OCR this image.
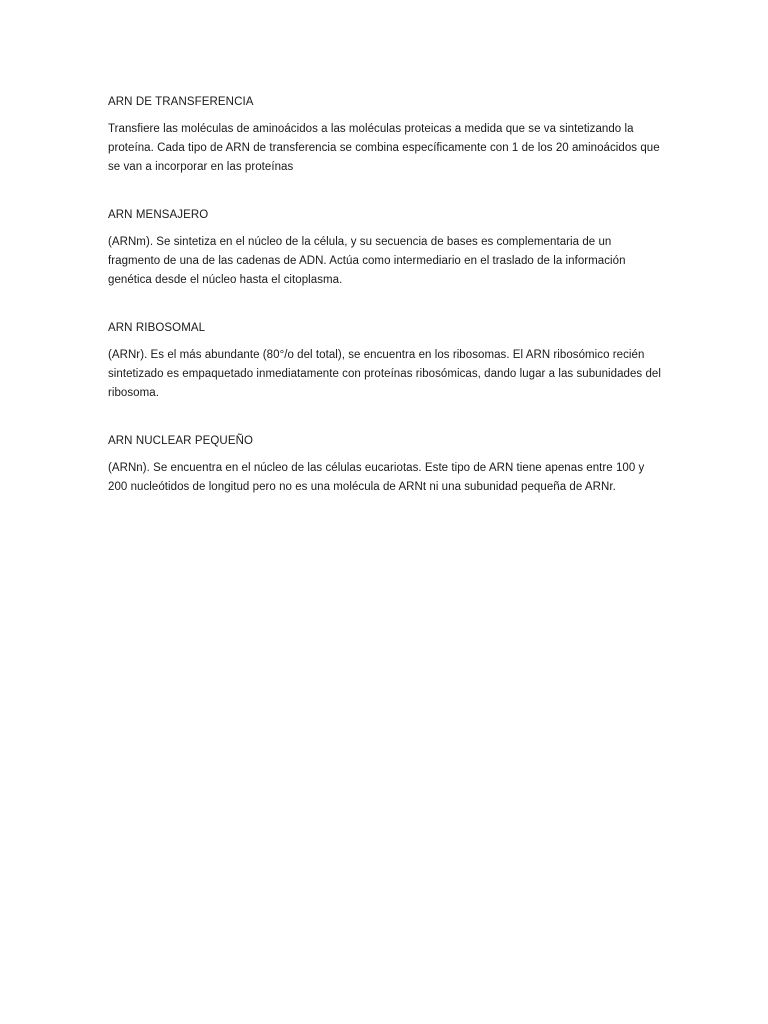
ARN DE TRANSFERENCIA

Transfiere las moléculas de aminoácidos a las moléculas proteicas a medida que se va sintetizando la proteína. Cada tipo de ARN de transferencia se combina específicamente con 1 de los 20 aminoácidos que se van a incorporar en las proteínas

ARN MENSAJERO

(ARNm). Se sintetiza en el núcleo de la célula, y su secuencia de bases es complementaria de un fragmento de una de las cadenas de ADN. Actúa como intermediario en el traslado de la información genética desde el núcleo hasta el citoplasma.

ARN RIBOSOMAL

(ARNr). Es el más abundante (80°/o del total), se encuentra en los ribosomas. El ARN ribosómico recién sintetizado es empaquetado inmediatamente con proteínas ribosómicas, dando lugar a las subunidades del ribosoma.

ARN NUCLEAR PEQUEÑO

(ARNn). Se encuentra en el núcleo de las células eucariotas. Este tipo de ARN tiene apenas entre 100 y 200 nucleótidos de longitud pero no es una molécula de ARNt ni una subunidad pequeña de ARNr.
